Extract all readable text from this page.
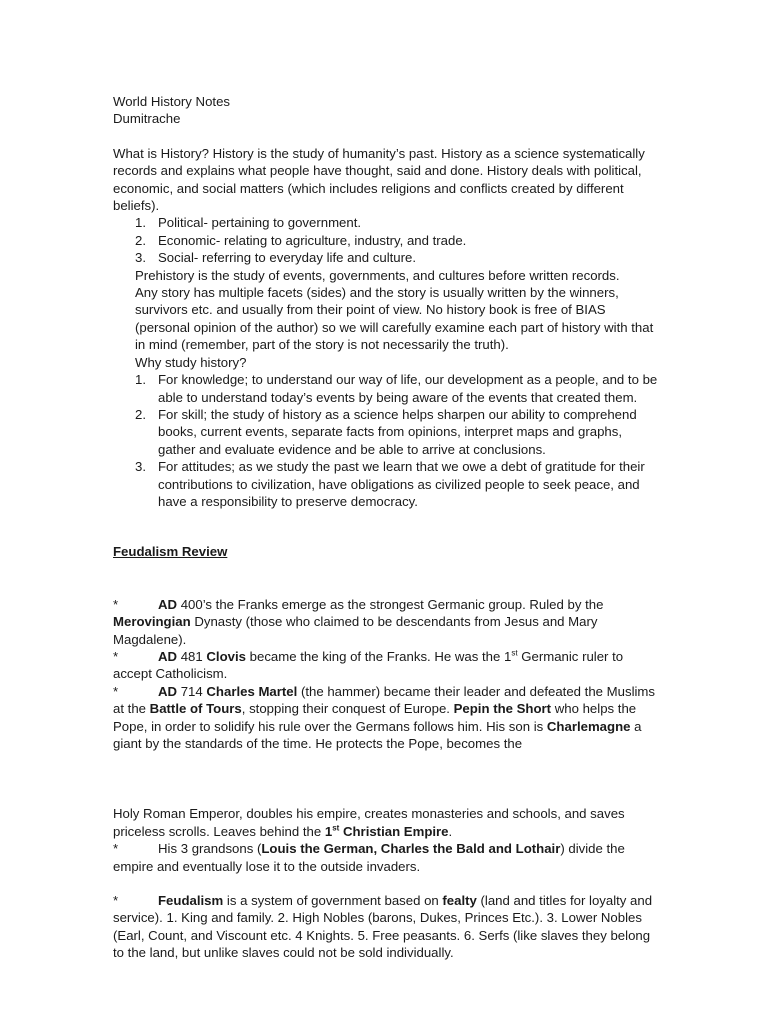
World History Notes
Dumitrache

What is History? History is the study of humanity’s past. History as a science systematically records and explains what people have thought, said and done. History deals with political, economic, and social matters (which includes religions and conflicts created by different beliefs).

1. Political- pertaining to government.
2. Economic- relating to agriculture, industry, and trade.
3. Social- referring to everyday life and culture.

Prehistory is the study of events, governments, and cultures before written records.

Any story has multiple facets (sides) and the story is usually written by the winners, survivors etc. and usually from their point of view. No history book is free of BIAS (personal opinion of the author) so we will carefully examine each part of history with that in mind (remember, part of the story is not necessarily the truth).

Why study history?

1. For knowledge; to understand our way of life, our development as a people, and to be able to understand today’s events by being aware of the events that created them.
2. For skill; the study of history as a science helps sharpen our ability to comprehend books, current events, separate facts from opinions, interpret maps and graphs, gather and evaluate evidence and be able to arrive at conclusions.
3. For attitudes; as we study the past we learn that we owe a debt of gratitude for their contributions to civilization, have obligations as civilized people to seek peace, and have a responsibility to preserve democracy.

Feudalism Review

*	AD 400’s the Franks emerge as the strongest Germanic group. Ruled by the Merovingian Dynasty (those who claimed to be descendants from Jesus and Mary Magdalene).

*	AD 481 Clovis became the king of the Franks. He was the 1st Germanic ruler to accept Catholicism.

*	AD 714 Charles Martel (the hammer) became their leader and defeated the Muslims at the Battle of Tours, stopping their conquest of Europe. Pepin the Short who helps the Pope, in order to solidify his rule over the Germans follows him. His son is Charlemagne a giant by the standards of the time. He protects the Pope, becomes the

Holy Roman Emperor, doubles his empire, creates monasteries and schools, and saves priceless scrolls. Leaves behind the 1st Christian Empire.

*	His 3 grandsons (Louis the German, Charles the Bald and Lothair) divide the empire and eventually lose it to the outside invaders.

*	Feudalism is a system of government based on fealty (land and titles for loyalty and service). 1. King and family. 2. High Nobles (barons, Dukes, Princes Etc.). 3. Lower Nobles (Earl, Count, and Viscount etc. 4 Knights. 5. Free peasants. 6. Serfs (like slaves they belong to the land, but unlike slaves could not be sold individually.
